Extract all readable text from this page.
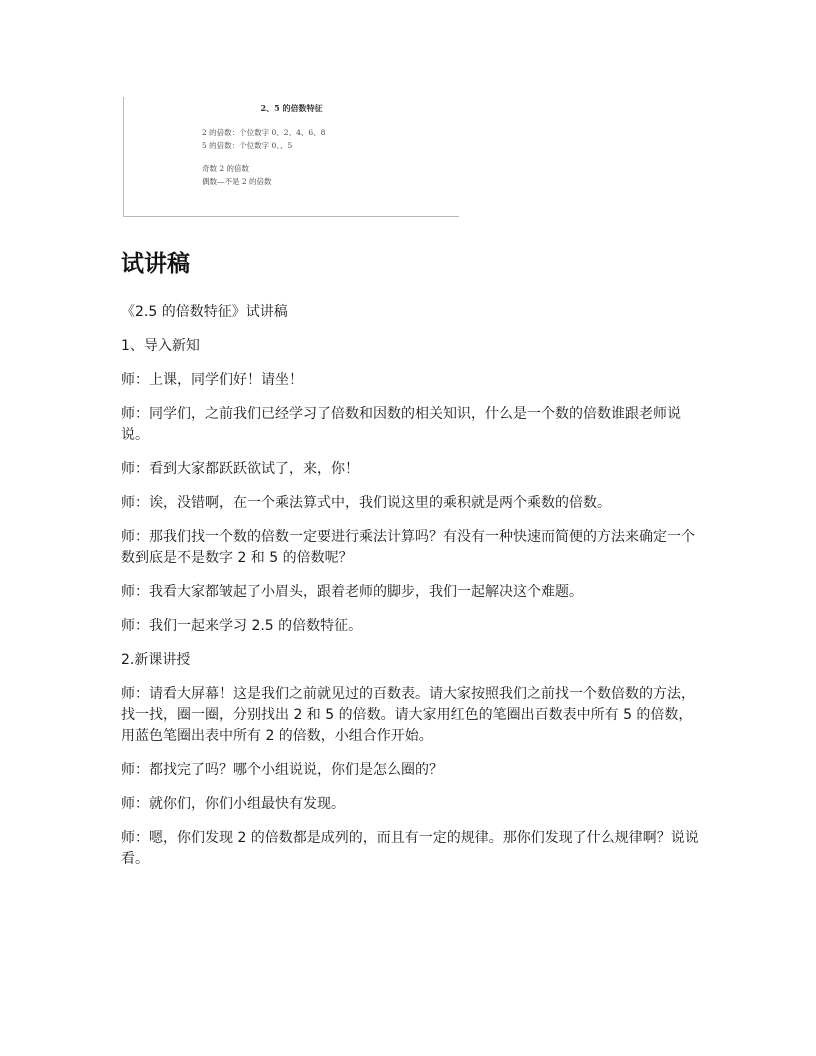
2、5 的倍数特征
2 的倍数：个位数字 0、2、4、6、8
5 的倍数：个位数字 0、、5
奇数 2 的倍数
偶数—不是 2 的倍数
试讲稿

《2.5 的倍数特征》试讲稿

1、导入新知

师：上课，同学们好！请坐！

师：同学们，之前我们已经学习了倍数和因数的相关知识，什么是一个数的倍数谁跟老师说说。

师：看到大家都跃跃欲试了，来，你！

师：诶，没错啊，在一个乘法算式中，我们说这里的乘积就是两个乘数的倍数。

师：那我们找一个数的倍数一定要进行乘法计算吗？有没有一种快速而简便的方法来确定一个数到底是不是数字 2 和 5 的倍数呢？

师：我看大家都皱起了小眉头，跟着老师的脚步，我们一起解决这个难题。

师：我们一起来学习 2.5 的倍数特征。

2.新课讲授

师：请看大屏幕！这是我们之前就见过的百数表。请大家按照我们之前找一个数倍数的方法，找一找，圈一圈，分别找出 2 和 5 的倍数。请大家用红色的笔圈出百数表中所有 5 的倍数，用蓝色笔圈出表中所有 2 的倍数，小组合作开始。

师：都找完了吗？哪个小组说说，你们是怎么圈的？

师：就你们，你们小组最快有发现。

师：嗯，你们发现 2 的倍数都是成列的，而且有一定的规律。那你们发现了什么规律啊？说说看。
